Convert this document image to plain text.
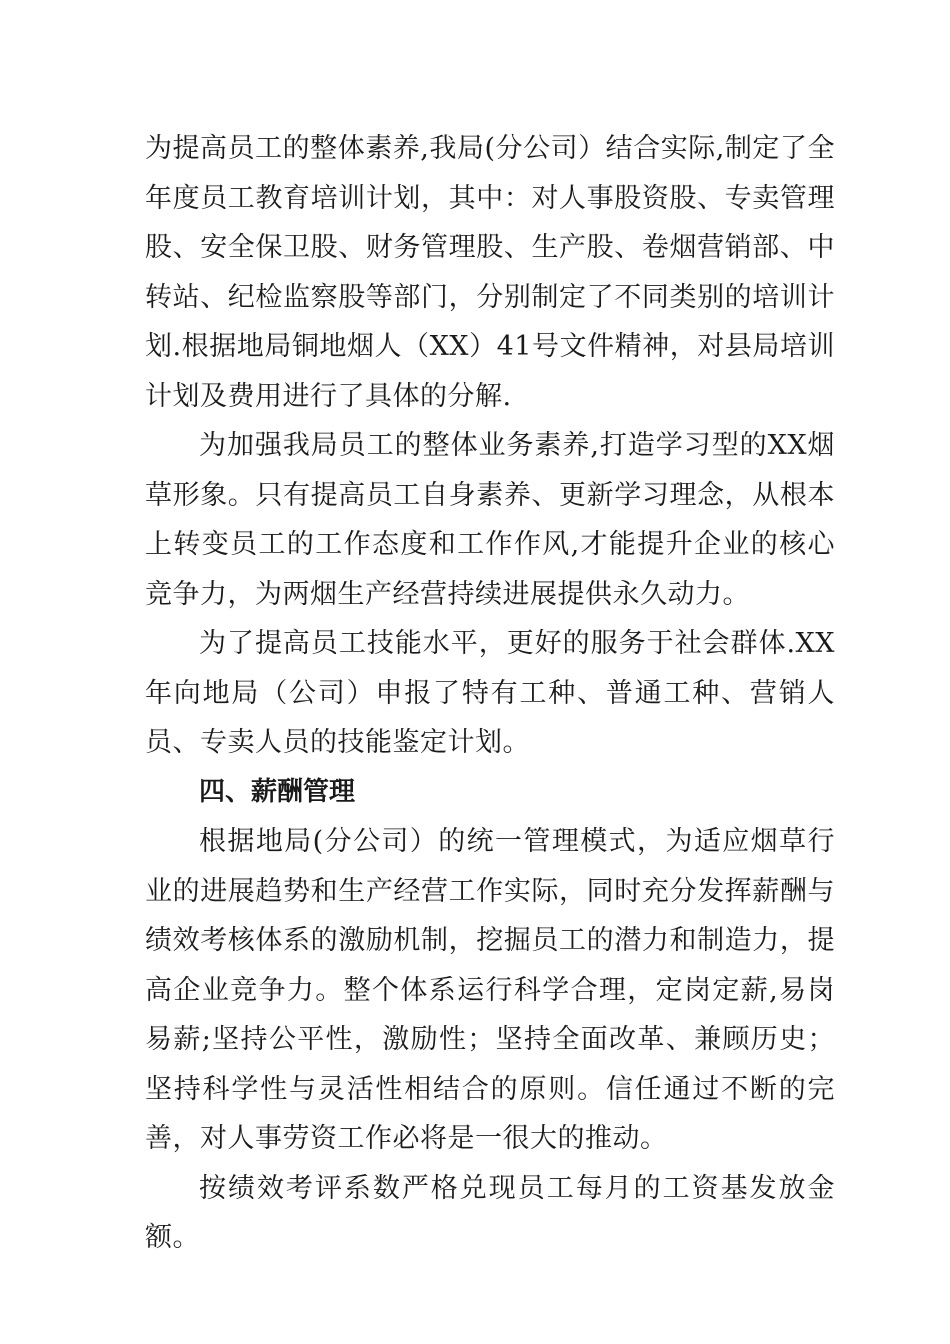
为提高员工的整体素养,我局(分公司）结合实际,制定了全年度员工教育培训计划，其中：对人事股资股、专卖管理股、安全保卫股、财务管理股、生产股、卷烟营销部、中转站、纪检监察股等部门，分别制定了不同类别的培训计划.根据地局铜地烟人（XX）41号文件精神，对县局培训计划及费用进行了具体的分解.

为加强我局员工的整体业务素养,打造学习型的XX烟草形象。只有提高员工自身素养、更新学习理念，从根本上转变员工的工作态度和工作作风,才能提升企业的核心竞争力，为两烟生产经营持续进展提供永久动力。

为了提高员工技能水平，更好的服务于社会群体.XX年向地局（公司）申报了特有工种、普通工种、营销人员、专卖人员的技能鉴定计划。

四、薪酬管理

根据地局(分公司）的统一管理模式，为适应烟草行业的进展趋势和生产经营工作实际，同时充分发挥薪酬与绩效考核体系的激励机制，挖掘员工的潜力和制造力，提高企业竞争力。整个体系运行科学合理，定岗定薪,易岗易薪;坚持公平性，激励性；坚持全面改革、兼顾历史；坚持科学性与灵活性相结合的原则。信任通过不断的完善，对人事劳资工作必将是一很大的推动。

按绩效考评系数严格兑现员工每月的工资基发放金额。
